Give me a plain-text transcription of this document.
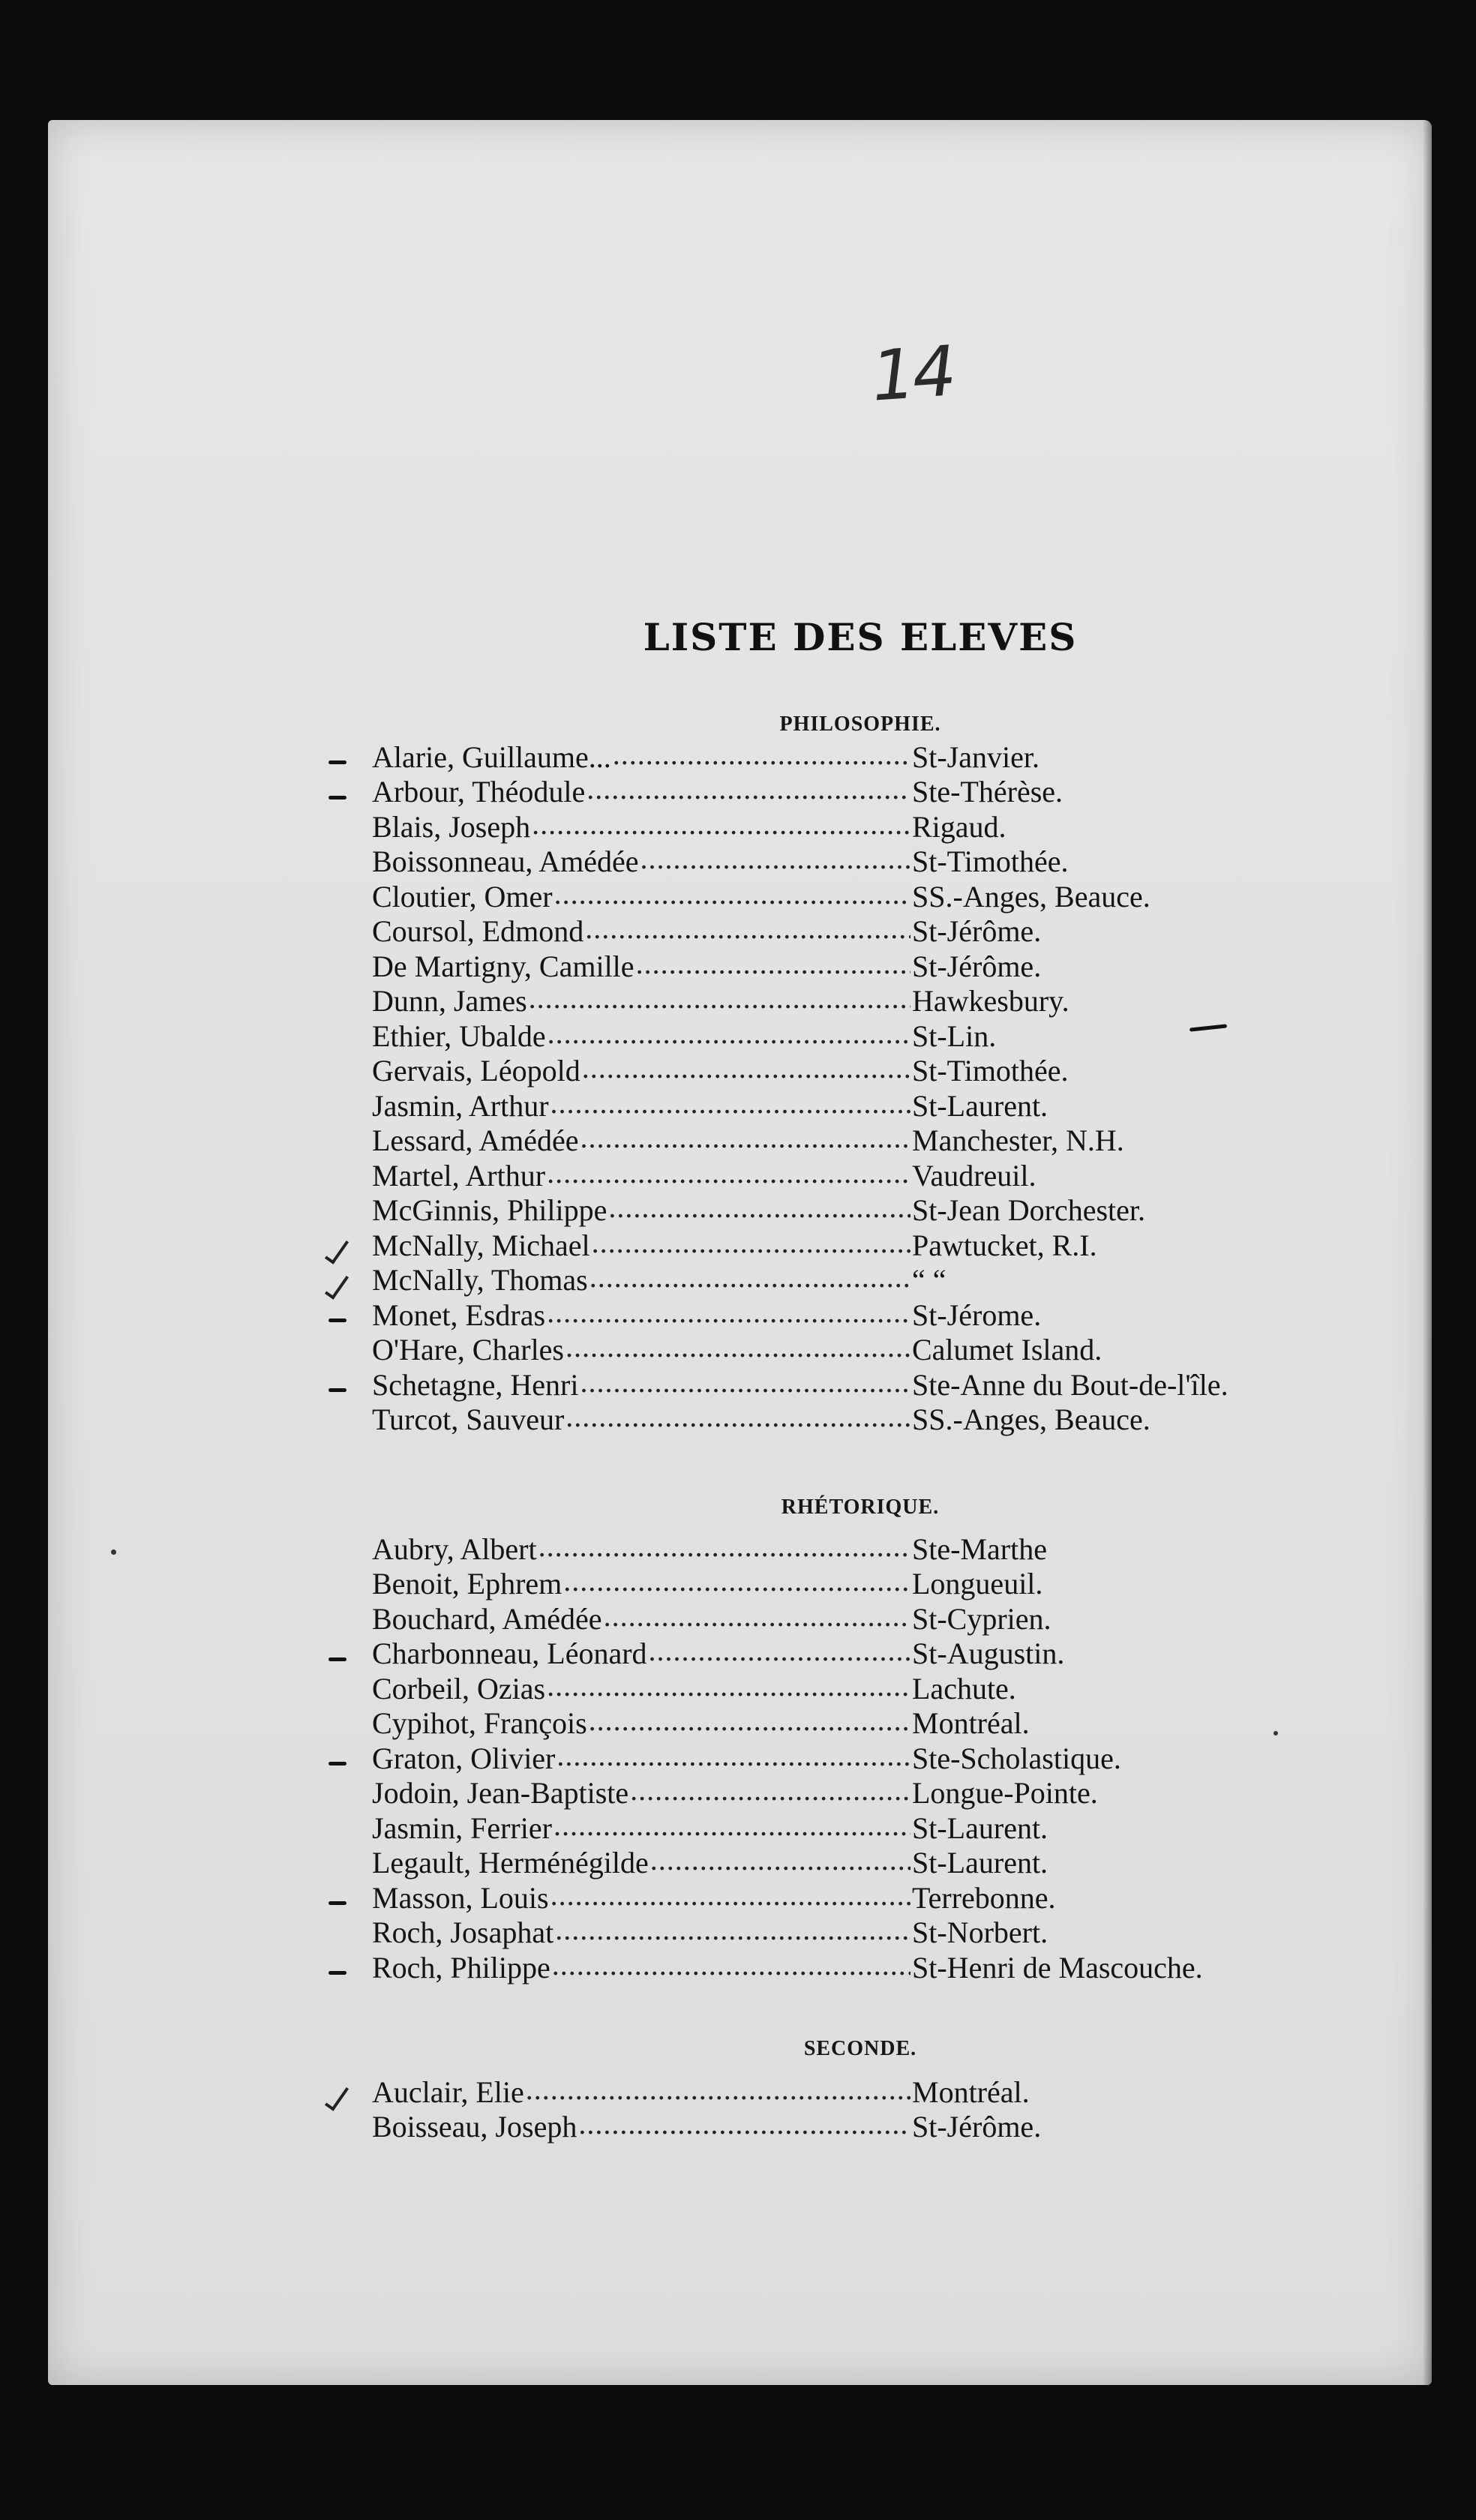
14
LISTE DES ELEVES
PHILOSOPHIE.
Alarie, Guillaume... .....	St-Janvier.
Arbour, Théodule .....	Ste-Thérèse.
Blais, Joseph .....	Rigaud.
Boissonneau, Amédée .....	St-Timothée.
Cloutier, Omer .....	SS.-Anges, Beauce.
Coursol, Edmond .....	St-Jérôme.
De Martigny, Camille .....	St-Jérôme.
Dunn, James .....	Hawkesbury.
Ethier, Ubalde .....	St-Lin.
Gervais, Léopold .....	St-Timothée.
Jasmin, Arthur .....	St-Laurent.
Lessard, Amédée .....	Manchester, N.H.
Martel, Arthur .....	Vaudreuil.
McGinnis, Philippe .....	St-Jean Dorchester.
McNally, Michael .....	Pawtucket, R.I.
McNally, Thomas .....	“ “
Monet, Esdras .....	St-Jérome.
O'Hare, Charles .....	Calumet Island.
Schetagne, Henri .....	Ste-Anne du Bout-de-l'île.
Turcot, Sauveur .....	SS.-Anges, Beauce.
RHÉTORIQUE.
Aubry, Albert .....	Ste-Marthe
Benoit, Ephrem .....	Longueuil.
Bouchard, Amédée .....	St-Cyprien.
Charbonneau, Léonard .....	St-Augustin.
Corbeil, Ozias .....	Lachute.
Cypihot, François .....	Montréal.
Graton, Olivier .....	Ste-Scholastique.
Jodoin, Jean-Baptiste .....	Longue-Pointe.
Jasmin, Ferrier .....	St-Laurent.
Legault, Herménégilde .....	St-Laurent.
Masson, Louis .....	Terrebonne.
Roch, Josaphat .....	St-Norbert.
Roch, Philippe .....	St-Henri de Mascouche.
SECONDE.
Auclair, Elie .....	Montréal.
Boisseau, Joseph .....	St-Jérôme.
